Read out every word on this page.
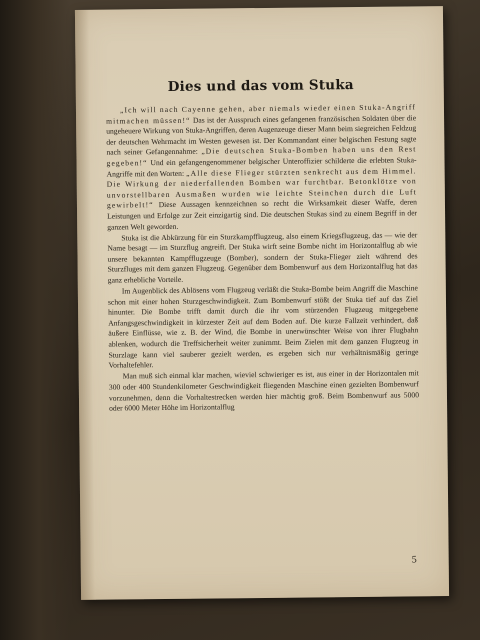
Dies und das vom Stuka

„Ich will nach Cayenne gehen, aber niemals wieder einen Stuka-Angriff mitmachen müssen!“ Das ist der Ausspruch eines gefangenen französischen Soldaten über die ungeheuere Wirkung von Stuka-Angriffen, deren Augenzeuge dieser Mann beim siegreichen Feldzug der deutschen Wehrmacht im Westen gewesen ist. Der Kommandant einer belgischen Festung sagte nach seiner Gefangennahme: „Die deutschen Stuka-Bomben haben uns den Rest gegeben!“ Und ein gefangengenommener belgischer Unteroffizier schilderte die erlebten Stuka-Angriffe mit den Worten: „Alle diese Flieger stürzten senkrecht aus dem Himmel. Die Wirkung der niederfallenden Bomben war furchtbar. Betonklötze von unvorstellbaren Ausmaßen wurden wie leichte Steinchen durch die Luft gewirbelt!“ Diese Aussagen kennzeichnen so recht die Wirksamkeit dieser Waffe, deren Leistungen und Erfolge zur Zeit einzigartig sind. Die deutschen Stukas sind zu einem Begriff in der ganzen Welt geworden.

Stuka ist die Abkürzung für ein Sturzkampfflugzeug, also einem Kriegsflugzeug, das — wie der Name besagt — im Sturzflug angreift. Der Stuka wirft seine Bombe nicht im Horizontalflug ab wie unsere bekannten Kampfflugzeuge (Bomber), sondern der Stuka-Flieger zielt während des Sturzfluges mit dem ganzen Flugzeug. Gegenüber dem Bombenwurf aus dem Horizontalflug hat das ganz erhebliche Vorteile.

Im Augenblick des Ablösens vom Flugzeug verläßt die Stuka-Bombe beim Angriff die Maschine schon mit einer hohen Sturzgeschwindigkeit. Zum Bombenwurf stößt der Stuka tief auf das Ziel hinunter. Die Bombe trifft damit durch die ihr vom stürzenden Flugzeug mitgegebene Anfangsgeschwindigkeit in kürzester Zeit auf dem Boden auf. Die kurze Fallzeit verhindert, daß äußere Einflüsse, wie z. B. der Wind, die Bombe in unerwünschter Weise von ihrer Flugbahn ablenken, wodurch die Treffsicherheit weiter zunimmt. Beim Zielen mit dem ganzen Flugzeug in Sturzlage kann viel sauberer gezielt werden, es ergeben sich nur verhältnismäßig geringe Vorhaltefehler.

Man muß sich einmal klar machen, wieviel schwieriger es ist, aus einer in der Horizontalen mit 300 oder 400 Stundenkilometer Geschwindigkeit fliegenden Maschine einen gezielten Bombenwurf vorzunehmen, denn die Vorhaltestrecken werden hier mächtig groß. Beim Bombenwurf aus 5000 oder 6000 Meter Höhe im Horizontalflug

5
